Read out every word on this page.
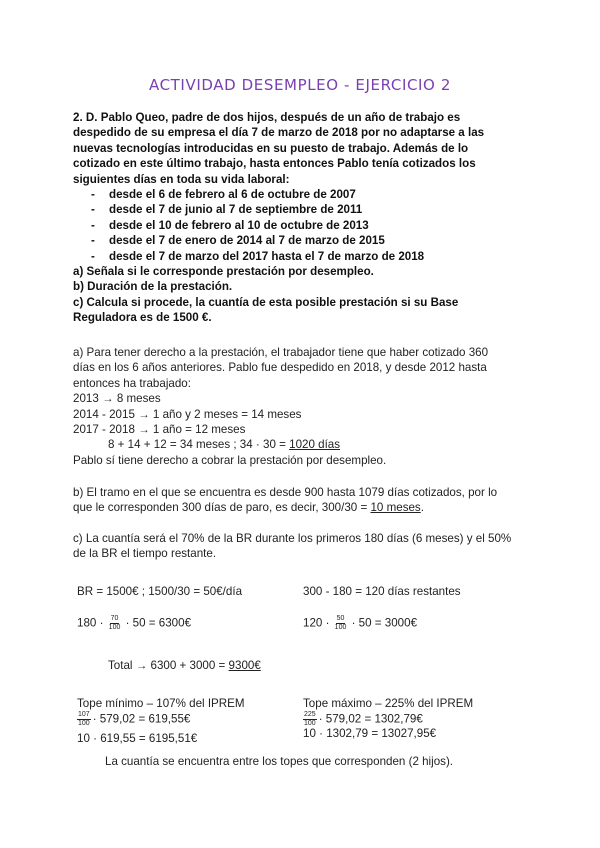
ACTIVIDAD DESEMPLEO - EJERCICIO 2
2. D. Pablo Queo, padre de dos hijos, después de un año de trabajo es
despedido de su empresa el día 7 de marzo de 2018 por no adaptarse a las
nuevas tecnologías introducidas en su puesto de trabajo. Además de lo
cotizado en este último trabajo, hasta entonces Pablo tenía cotizados los
siguientes días en toda su vida laboral:
- desde el 6 de febrero al 6 de octubre de 2007
- desde el 7 de junio al 7 de septiembre de 2011
- desde el 10 de febrero al 10 de octubre de 2013
- desde el 7 de enero de 2014 al 7 de marzo de 2015
- desde el 7 de marzo del 2017 hasta el 7 de marzo de 2018
a) Señala si le corresponde prestación por desempleo.
b) Duración de la prestación.
c) Calcula si procede, la cuantía de esta posible prestación si su Base
Reguladora es de 1500 €.
a) Para tener derecho a la prestación, el trabajador tiene que haber cotizado 360
días en los 6 años anteriores. Pablo fue despedido en 2018, y desde 2012 hasta
entonces ha trabajado:
2013 → 8 meses
2014 - 2015 → 1 año y 2 meses = 14 meses
2017 - 2018 → 1 año = 12 meses
8 + 14 + 12 = 34 meses ; 34 · 30 = 1020 días
Pablo sí tiene derecho a cobrar la prestación por desempleo.
b) El tramo en el que se encuentra es desde 900 hasta 1079 días cotizados, por lo
que le corresponden 300 días de paro, es decir, 300/30 = 10 meses.
c) La cuantía será el 70% de la BR durante los primeros 180 días (6 meses) y el 50%
de la BR el tiempo restante.
BR = 1500€ ; 1500/30 = 50€/día	300 - 180 = 120 días restantes
$180 \cdot \frac{70}{100} \cdot 50$ = 6300€	$120 \cdot \frac{50}{100} \cdot 50$ = 3000€
Total → 6300 + 3000 = 9300€
Tope mínimo – 107% del IPREM
$\frac{107}{100} \cdot 579,02$ = 619,55€
10 · 619,55 = 6195,51€
Tope máximo – 225% del IPREM
$\frac{225}{100} \cdot 579,02$ = 1302,79€
10 · 1302,79 = 13027,95€
La cuantía se encuentra entre los topes que corresponden (2 hijos).
